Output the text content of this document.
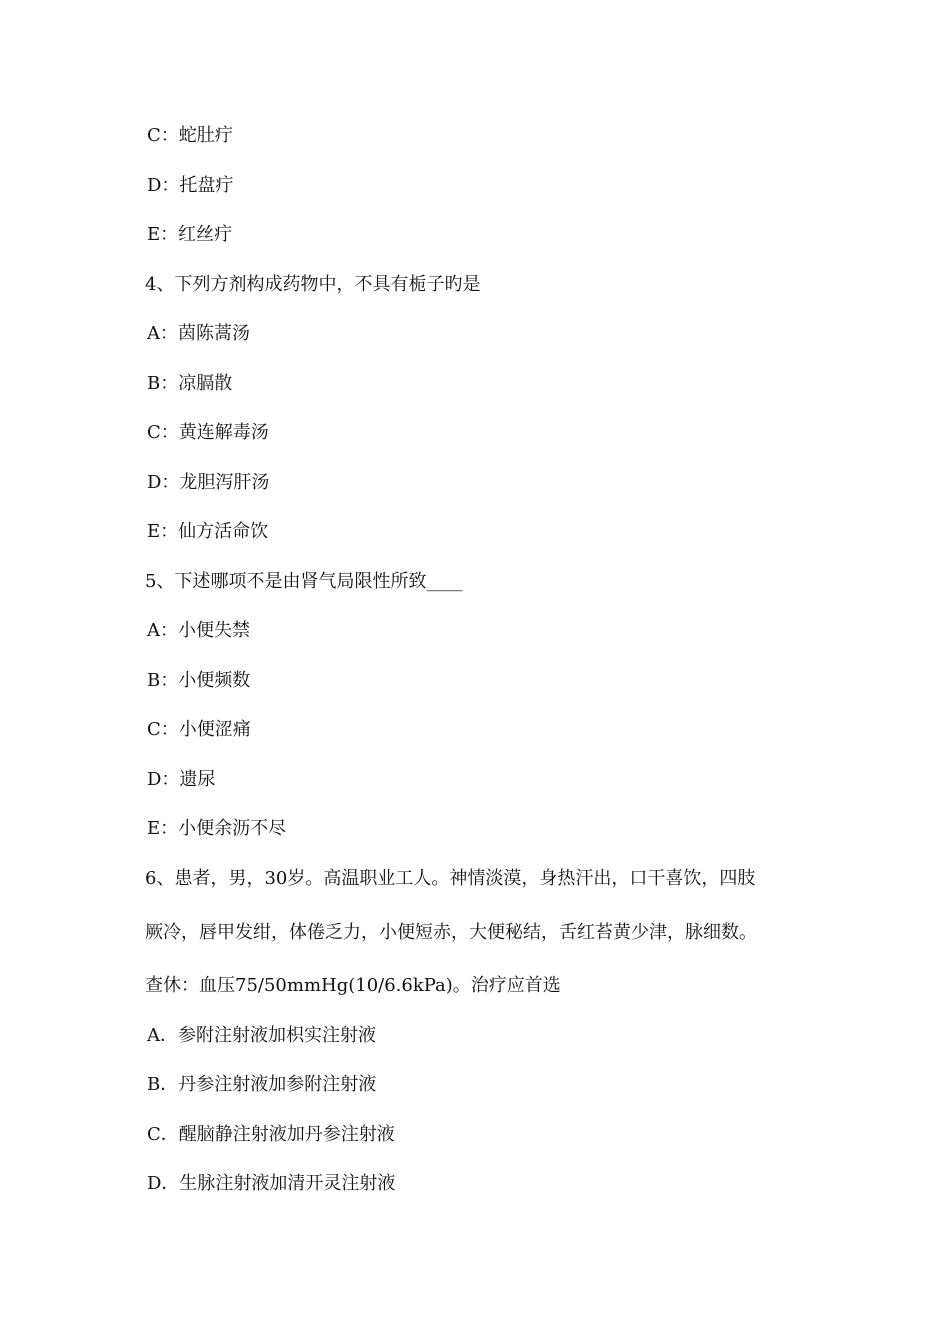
C：蛇肚疔
D：托盘疔
E：红丝疔
4、下列方剂构成药物中，不具有栀子旳是
A：茵陈蒿汤
B：凉膈散
C：黄连解毒汤
D：龙胆泻肝汤
E：仙方活命饮
5、下述哪项不是由肾气局限性所致____
A：小便失禁
B：小便频数
C：小便涩痛
D：遗尿
E：小便余沥不尽
6、患者，男，30岁。高温职业工人。神情淡漠，身热汗出，口干喜饮，四肢
厥冷，唇甲发绀，体倦乏力，小便短赤，大便秘结，舌红苔黄少津，脉细数。
查休：血压75/50mmHg(10/6.6kPa)。治疗应首选
A．参附注射液加枳实注射液
B．丹参注射液加参附注射液
C．醒脑静注射液加丹参注射液
D．生脉注射液加清开灵注射液
